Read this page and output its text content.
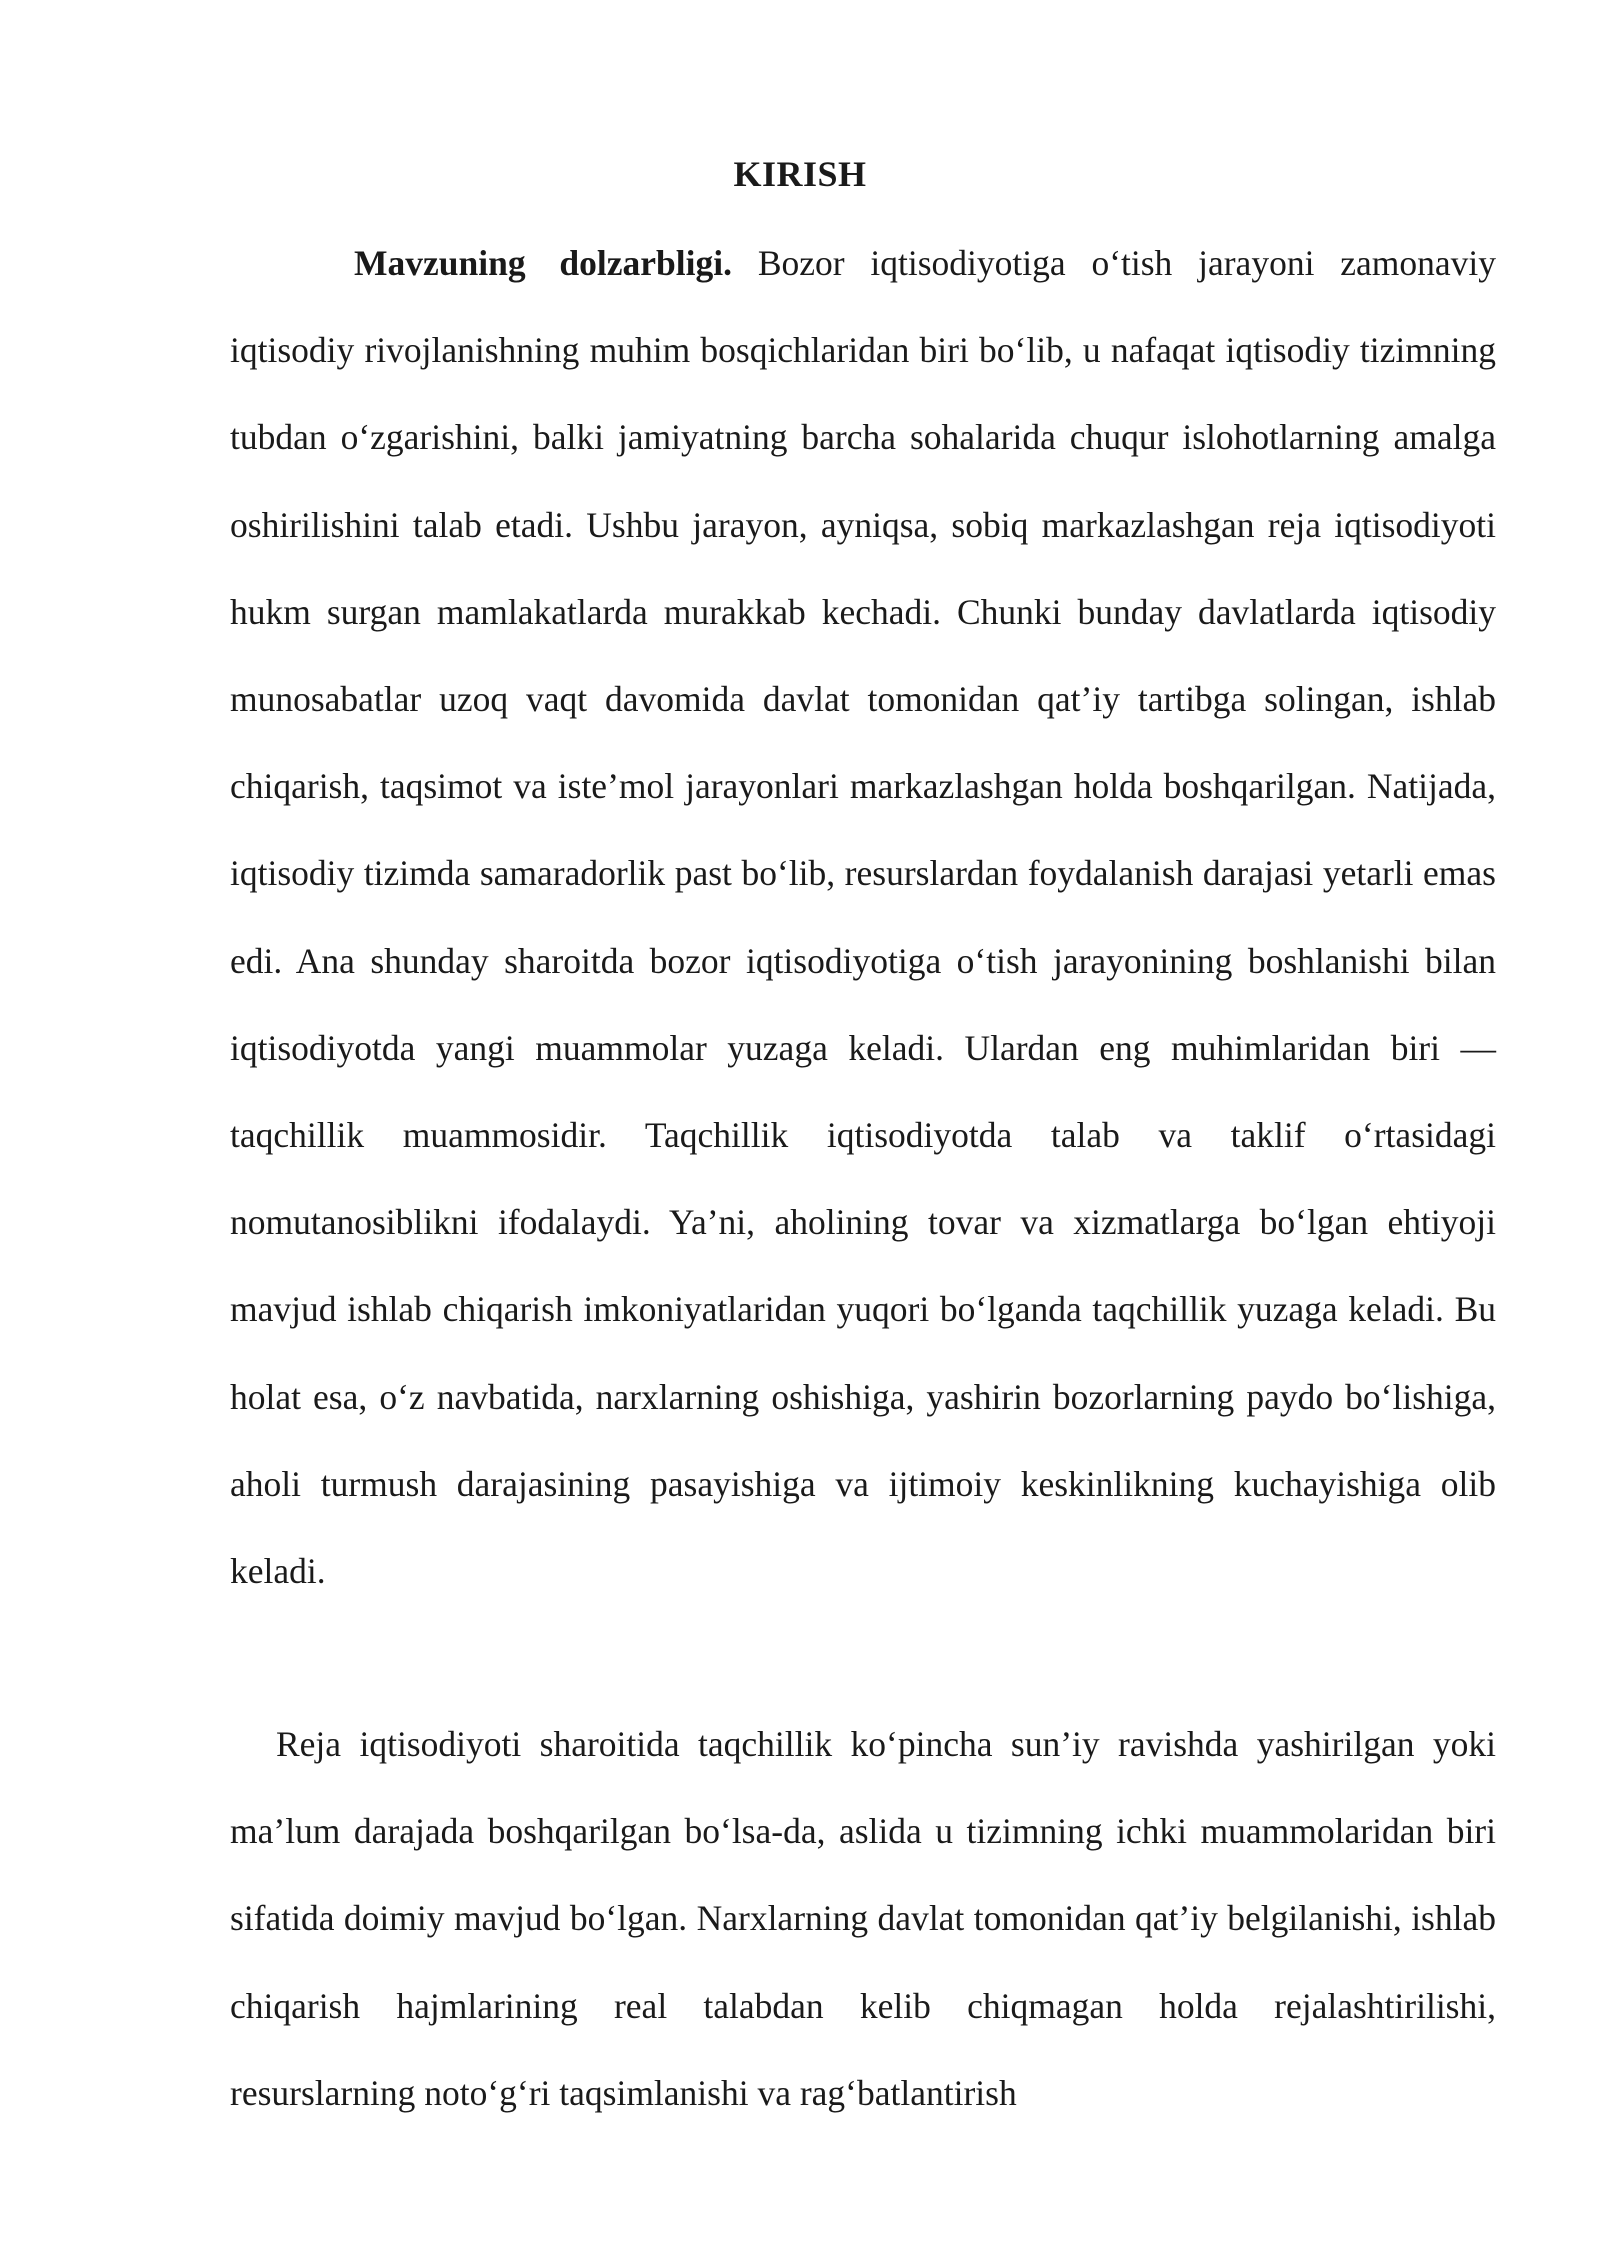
KIRISH

Mavzuning dolzarbligi. Bozor iqtisodiyotiga o‘tish jarayoni zamonaviy iqtisodiy rivojlanishning muhim bosqichlaridan biri bo‘lib, u nafaqat iqtisodiy tizimning tubdan o‘zgarishini, balki jamiyatning barcha sohalarida chuqur islohotlarning amalga oshirilishini talab etadi. Ushbu jarayon, ayniqsa, sobiq markazlashgan reja iqtisodiyoti hukm surgan mamlakatlarda murakkab kechadi. Chunki bunday davlatlarda iqtisodiy munosabatlar uzoq vaqt davomida davlat tomonidan qat’iy tartibga solingan, ishlab chiqarish, taqsimot va iste’mol jarayonlari markazlashgan holda boshqarilgan. Natijada, iqtisodiy tizimda samaradorlik past bo‘lib, resurslardan foydalanish darajasi yetarli emas edi. Ana shunday sharoitda bozor iqtisodiyotiga o‘tish jarayonining boshlanishi bilan iqtisodiyotda yangi muammolar yuzaga keladi. Ulardan eng muhimlaridan biri — taqchillik muammosidir. Taqchillik iqtisodiyotda talab va taklif o‘rtasidagi nomutanosiblikni ifodalaydi. Ya’ni, aholining tovar va xizmatlarga bo‘lgan ehtiyoji mavjud ishlab chiqarish imkoniyatlaridan yuqori bo‘lganda taqchillik yuzaga keladi. Bu holat esa, o‘z navbatida, narxlarning oshishiga, yashirin bozorlarning paydo bo‘lishiga, aholi turmush darajasining pasayishiga va ijtimoiy keskinlikning kuchayishiga olib keladi.

Reja iqtisodiyoti sharoitida taqchillik ko‘pincha sun’iy ravishda yashirilgan yoki ma’lum darajada boshqarilgan bo‘lsa-da, aslida u tizimning ichki muammolaridan biri sifatida doimiy mavjud bo‘lgan. Narxlarning davlat tomonidan qat’iy belgilanishi, ishlab chiqarish hajmlarining real talabdan kelib chiqmagan holda rejalashtirilishi, resurslarning noto‘g‘ri taqsimlanishi va rag‘batlantirish
